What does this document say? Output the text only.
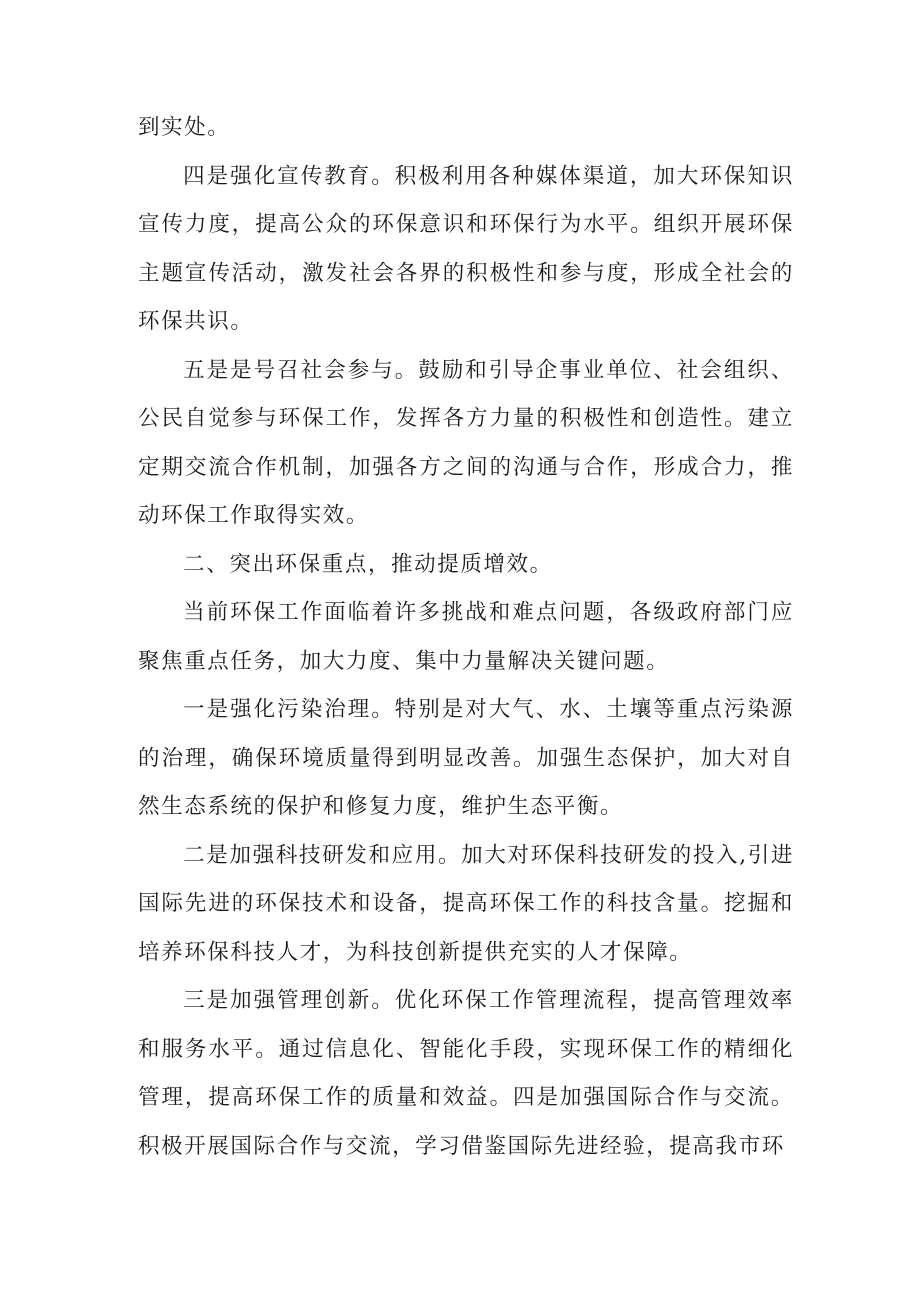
到实处。

四是强化宣传教育。积极利用各种媒体渠道，加大环保知识宣传力度，提高公众的环保意识和环保行为水平。组织开展环保主题宣传活动，激发社会各界的积极性和参与度，形成全社会的环保共识。

五是是号召社会参与。鼓励和引导企事业单位、社会组织、公民自觉参与环保工作，发挥各方力量的积极性和创造性。建立定期交流合作机制，加强各方之间的沟通与合作，形成合力，推动环保工作取得实效。

二、突出环保重点，推动提质增效。

当前环保工作面临着许多挑战和难点问题，各级政府部门应聚焦重点任务，加大力度、集中力量解决关键问题。

一是强化污染治理。特别是对大气、水、土壤等重点污染源的治理，确保环境质量得到明显改善。加强生态保护，加大对自然生态系统的保护和修复力度，维护生态平衡。

二是加强科技研发和应用。加大对环保科技研发的投入,引进国际先进的环保技术和设备，提高环保工作的科技含量。挖掘和培养环保科技人才，为科技创新提供充实的人才保障。

三是加强管理创新。优化环保工作管理流程，提高管理效率和服务水平。通过信息化、智能化手段，实现环保工作的精细化管理，提高环保工作的质量和效益。四是加强国际合作与交流。积极开展国际合作与交流，学习借鉴国际先进经验，提高我市环
